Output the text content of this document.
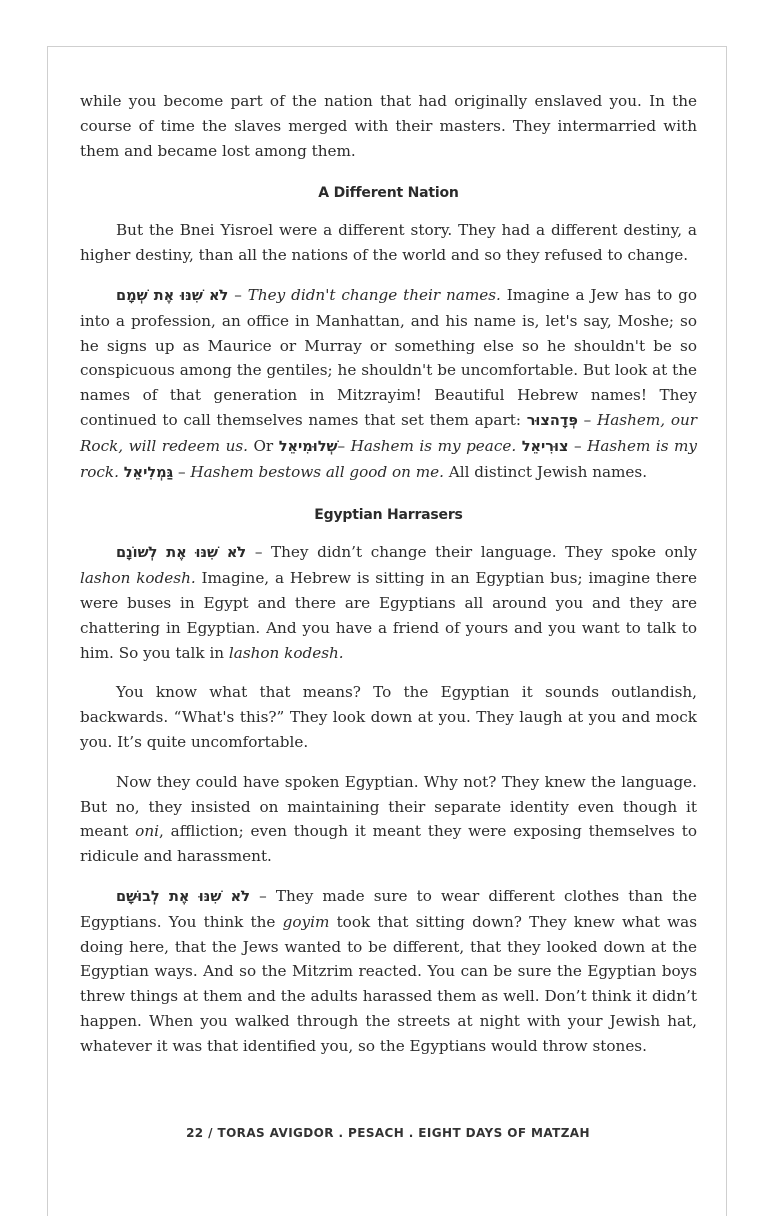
while you become part of the nation that had originally enslaved you. In the course of time the slaves merged with their masters. They intermarried with them and became lost among them.

A Different Nation

But the Bnei Yisroel were a different story. They had a different destiny, a higher destiny, than all the nations of the world and so they refused to change.

לֹא שִׁנּוּ אֶת שְׁמָם – They didn't change their names. Imagine a Jew has to go into a profession, an office in Manhattan, and his name is, let's say, Moshe; so he signs up as Maurice or Murray or something else so he shouldn't be so conspicuous among the gentiles; he shouldn't be uncomfortable. But look at the names of that generation in Mitzrayim! Beautiful Hebrew names! They continued to call themselves names that set them apart: פְּדָהצוּר – Hashem, our Rock, will redeem us. Or שְׁלוּמִיאֵל– Hashem is my peace. צוּרִיאֵל – Hashem is my rock. גַּמְלִיאֵל – Hashem bestows all good on me. All distinct Jewish names.

Egyptian Harrasers

לֹא שִׁנּוּ אֶת לְשׁוֹנָם – They didn’t change their language. They spoke only lashon kodesh. Imagine, a Hebrew is sitting in an Egyptian bus; imagine there were buses in Egypt and there are Egyptians all around you and they are chattering in Egyptian. And you have a friend of yours and you want to talk to him. So you talk in lashon kodesh.

You know what that means? To the Egyptian it sounds outlandish, backwards. “What's this?” They look down at you. They laugh at you and mock you. It’s quite uncomfortable.

Now they could have spoken Egyptian. Why not? They knew the language. But no, they insisted on maintaining their separate identity even though it meant oni, affliction; even though it meant they were exposing themselves to ridicule and harassment.

לֹא שִׁנּוּ אֶת לְבוּשָׁם – They made sure to wear different clothes than the Egyptians. You think the goyim took that sitting down? They knew what was doing here, that the Jews wanted to be different, that they looked down at the Egyptian ways. And so the Mitzrim reacted. You can be sure the Egyptian boys threw things at them and the adults harassed them as well. Don’t think it didn’t happen. When you walked through the streets at night with your Jewish hat, whatever it was that identified you, so the Egyptians would throw stones.

22 / TORAS AVIGDOR . PESACH . EIGHT DAYS OF MATZAH
